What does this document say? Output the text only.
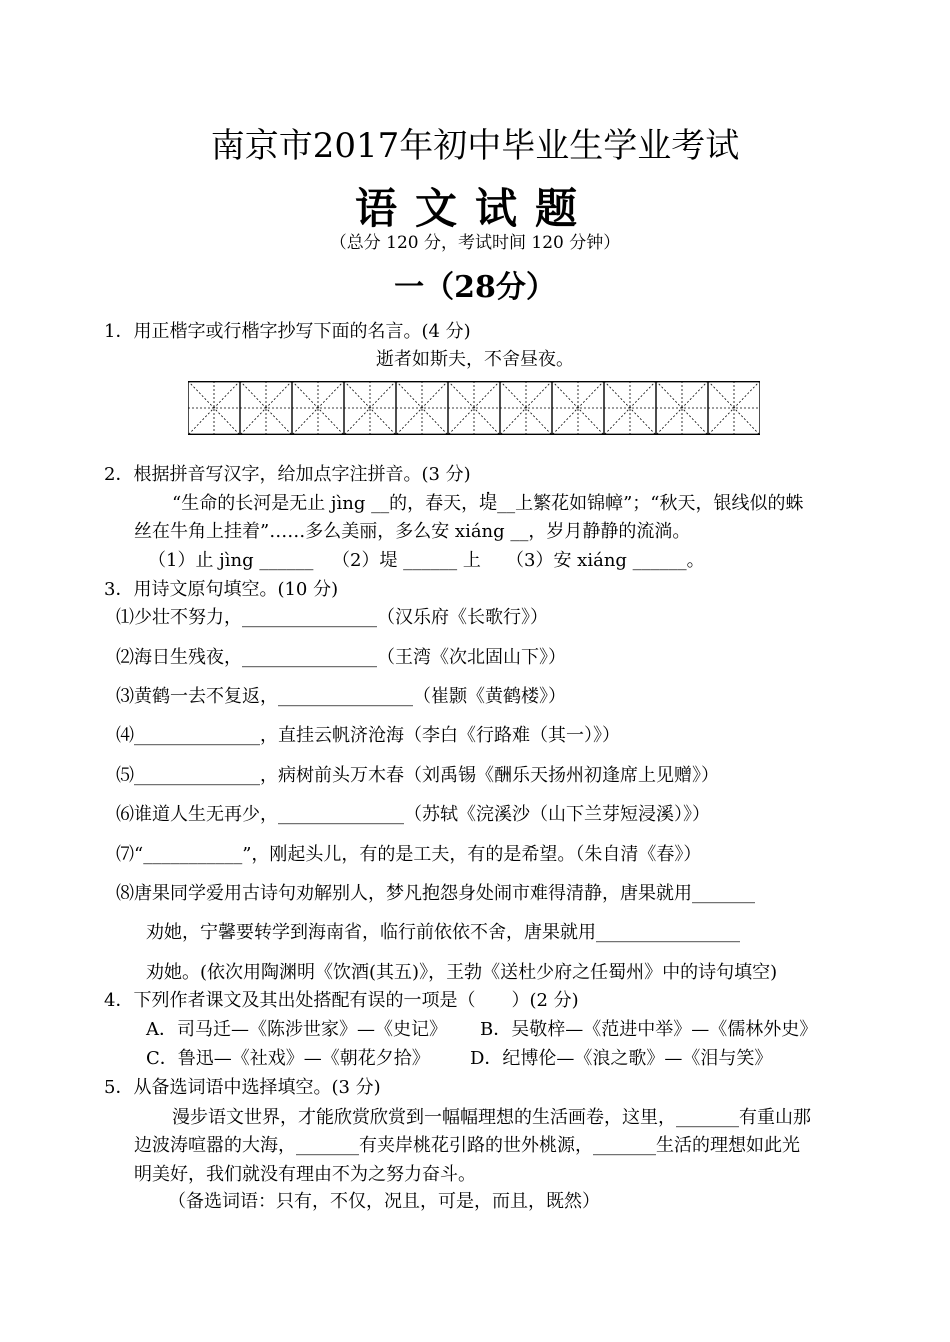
南京市2017年初中毕业生学业考试
语文试题
（总分 120 分，考试时间 120 分钟）
一（28分）
1．用正楷字或行楷字抄写下面的名言。(4 分)
逝者如斯夫，不舍昼夜。
2．根据拼音写汉字，给加点字注拼音。(3 分)
“生命的长河是无止 jìng __的，春天，堤__上繁花如锦幛”；“秋天，银线似的蛛
丝在牛角上挂着”……多么美丽，多么安 xiáng __，岁月静静的流淌。
（1）止 jìng ______ （2）堤 ______ 上 （3）安 xiáng ______。
3．用诗文原句填空。(10 分)
⑴少壮不努力，_______________（汉乐府《长歌行》）
⑵海日生残夜，_______________（王湾《次北固山下》）
⑶黄鹤一去不复返，_______________（崔颢《黄鹤楼》）
⑷______________，直挂云帆济沧海（李白《行路难（其一）》）
⑸______________，病树前头万木春（刘禹锡《酬乐天扬州初逢席上见赠》）
⑹谁道人生无再少，______________（苏轼《浣溪沙（山下兰芽短浸溪）》）
⑺“___________”，刚起头儿，有的是工夫，有的是希望。（朱自清《春》）
⑻唐果同学爱用古诗句劝解别人，梦凡抱怨身处闹市难得清静，唐果就用_______
劝她，宁馨要转学到海南省，临行前依依不舍，唐果就用________________
劝她。(依次用陶渊明《饮酒(其五)》，王勃《送杜少府之任蜀州》中的诗句填空)
4．下列作者课文及其出处搭配有误的一项是（　　）(2 分)
A．司马迁—《陈涉世家》—《史记》 B．吴敬梓—《范进中举》—《儒林外史》
C．鲁迅—《社戏》—《朝花夕拾》 D．纪博伦—《浪之歌》—《泪与笑》
5．从备选词语中选择填空。(3 分)
漫步语文世界，才能欣赏欣赏到一幅幅理想的生活画卷，这里，_______有重山那
边波涛喧嚣的大海，_______有夹岸桃花引路的世外桃源，_______生活的理想如此光
明美好，我们就没有理由不为之努力奋斗。
（备选词语：只有，不仅，况且，可是，而且，既然）
